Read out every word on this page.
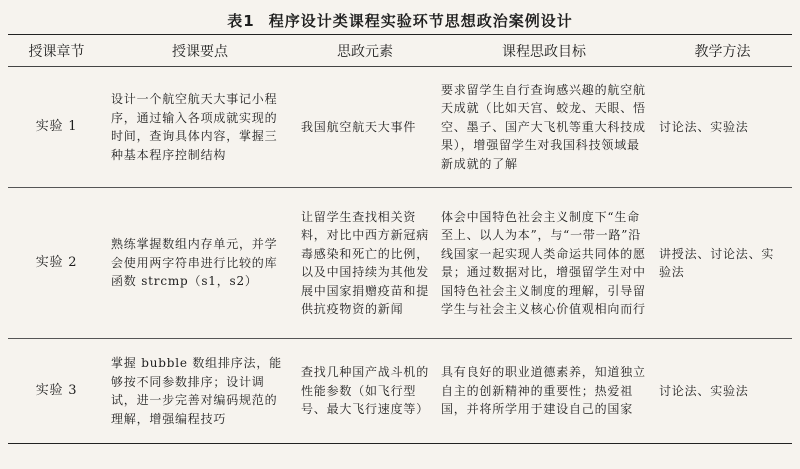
表1 程序设计类课程实验环节思想政治案例设计
授课章节	授课要点	思政元素	课程思政目标	教学方法
实验 1	设计一个航空航天大事记小程序，通过输入各项成就实现的时间，查询具体内容，掌握三种基本程序控制结构	我国航空航天大事件	要求留学生自行查询感兴趣的航空航天成就（比如天宫、蛟龙、天眼、悟空、墨子、国产大飞机等重大科技成果），增强留学生对我国科技领域最新成就的了解	讨论法、实验法
实验 2	熟练掌握数组内存单元，并学会使用两字符串进行比较的库函数 strcmp（s1，s2）	让留学生查找相关资料，对比中西方新冠病毒感染和死亡的比例，以及中国持续为其他发展中国家捐赠疫苗和提供抗疫物资的新闻	体会中国特色社会主义制度下“生命至上、以人为本”，与“一带一路”沿线国家一起实现人类命运共同体的愿景；通过数据对比，增强留学生对中国特色社会主义制度的理解，引导留学生与社会主义核心价值观相向而行	讲授法、讨论法、实验法
实验 3	掌握 bubble 数组排序法，能够按不同参数排序；设计调试，进一步完善对编码规范的理解，增强编程技巧	查找几种国产战斗机的性能参数（如飞行型号、最大飞行速度等）	具有良好的职业道德素养，知道独立自主的创新精神的重要性；热爱祖国，并将所学用于建设自己的国家	讨论法、实验法
